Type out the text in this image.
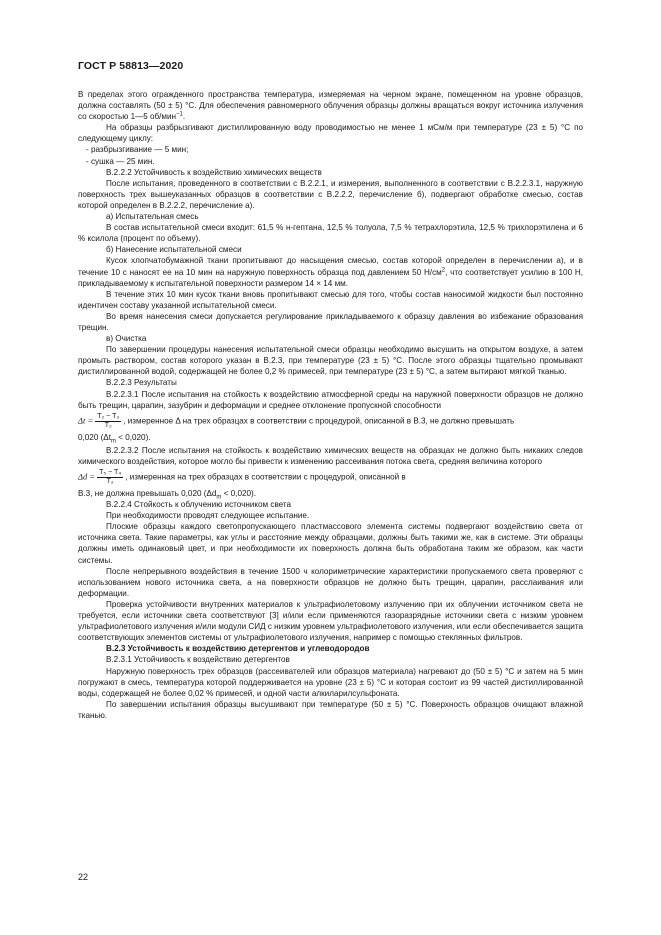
ГОСТ Р 58813—2020

В пределах этого огражденного пространства температура, измеряемая на черном экране, помещенном на уровне образцов, должна составлять (50 ± 5) °С. Для обеспечения равномерного облучения образцы должны вращаться вокруг источника излучения со скоростью 1—5 об/мин$^{-1}$.

На образцы разбрызгивают дистиллированную воду проводимостью не менее 1 мСм/м при температуре (23 ± 5) °С по следующему циклу:

- разбрызгивание — 5 мин;

- сушка — 25 мин.

В.2.2.2 Устойчивость к воздействию химических веществ

После испытания, проведенного в соответствии с В.2.2.1, и измерения, выполненного в соответствии с В.2.2.3.1, наружную поверхность трех вышеуказанных образцов в соответствии с В.2.2.2, перечисление б), подвергают обработке смесью, состав которой определен в В.2.2.2, перечисление а).

а) Испытательная смесь

В состав испытательной смеси входит: 61,5 % н-гептана, 12,5 % толуола, 7,5 % тетрахлорэтила, 12,5 % трихлорэтилена и 6 % ксилола (процент по объему).

б) Нанесение испытательной смеси

Кусок хлопчатобумажной ткани пропитывают до насыщения смесью, состав которой определен в перечислении а), и в течение 10 с наносят ее на 10 мин на наружную поверхность образца под давлением 50 $Н/см^2$, что соответствует усилию в 100 Н, прикладываемому к испытательной поверхности размером 14 × 14 мм.

В течение этих 10 мин кусок ткани вновь пропитывают смесью для того, чтобы состав наносимой жидкости был постоянно идентичен составу указанной испытательной смеси.

Во время нанесения смеси допускается регулирование прикладываемого к образцу давления во избежание образования трещин.

в) Очистка

По завершении процедуры нанесения испытательной смеси образцы необходимо высушить на открытом воздухе, а затем промыть раствором, состав которого указан в В.2.3, при температуре (23 ± 5) °С. После этого образцы тщательно промывают дистиллированной водой, содержащей не более 0,2 % примесей, при температуре (23 ± 5) °С, а затем вытирают мягкой тканью.

В.2.2.3 Результаты

В.2.2.3.1 После испытания на стойкость к воздействию атмосферной среды на наружной поверхности образцов не должно быть трещин, царапин, зазубрин и деформации и среднее отклонение пропускной способности

$\Delta t = \frac{\text{T₂ − T₃}}{\text{T₂}}$ , измеренное Δ на трех образцах в соответствии с процедурой, описанной в В.3, не должно превышать

0,020 $(\Delta t_m < 0,020)$.

В.2.2.3.2 После испытания на стойкость к воздействию химических веществ на образцах не должно быть никаких следов химического воздействия, которое могло бы привести к изменению рассеивания потока света, средняя величина которого

$\Delta d = \frac{\text{T₅ − T₄}}{\text{T₂}}$ , измеренная на трех образцах в соответствии с процедурой, описанной в

В.3, не должна превышать 0,020 $(\Delta d_m < 0,020)$.

В.2.2.4 Стойкость к облучению источником света

При необходимости проводят следующее испытание.

Плоские образцы каждого светопропускающего пластмассового элемента системы подвергают воздействию света от источника света. Такие параметры, как углы и расстояние между образцами, должны быть такими же, как в системе. Эти образцы должны иметь одинаковый цвет, и при необходимости их поверхность должна быть обработана таким же образом, как части системы.

После непрерывного воздействия в течение 1500 ч колориметрические характеристики пропускаемого света проверяют с использованием нового источника света, а на поверхности образцов не должно быть трещин, царапин, расслаивания или деформации.

Проверка устойчивости внутренних материалов к ультрафиолетовому излучению при их облучении источником света не требуется, если источники света соответствуют [3] и/или если применяются газоразрядные источники света с низким уровнем ультрафиолетового излучения и/или модули СИД с низким уровнем ультрафиолетового излучения, или если обеспечивается защита соответствующих элементов системы от ультрафиолетового излучения, например с помощью стеклянных фильтров.

В.2.3 Устойчивость к воздействию детергентов и углеводородов

В.2.3.1 Устойчивость к воздействию детергентов

Наружную поверхность трех образцов (рассеивателей или образцов материала) нагревают до (50 ± 5) °С и затем на 5 мин погружают в смесь, температура которой поддерживается на уровне (23 ± 5) °С и которая состоит из 99 частей дистиллированной воды, содержащей не более 0,02 % примесей, и одной части алкиларилсульфоната.

По завершении испытания образцы высушивают при температуре (50 ± 5) °С. Поверхность образцов очищают влажной тканью.

22
